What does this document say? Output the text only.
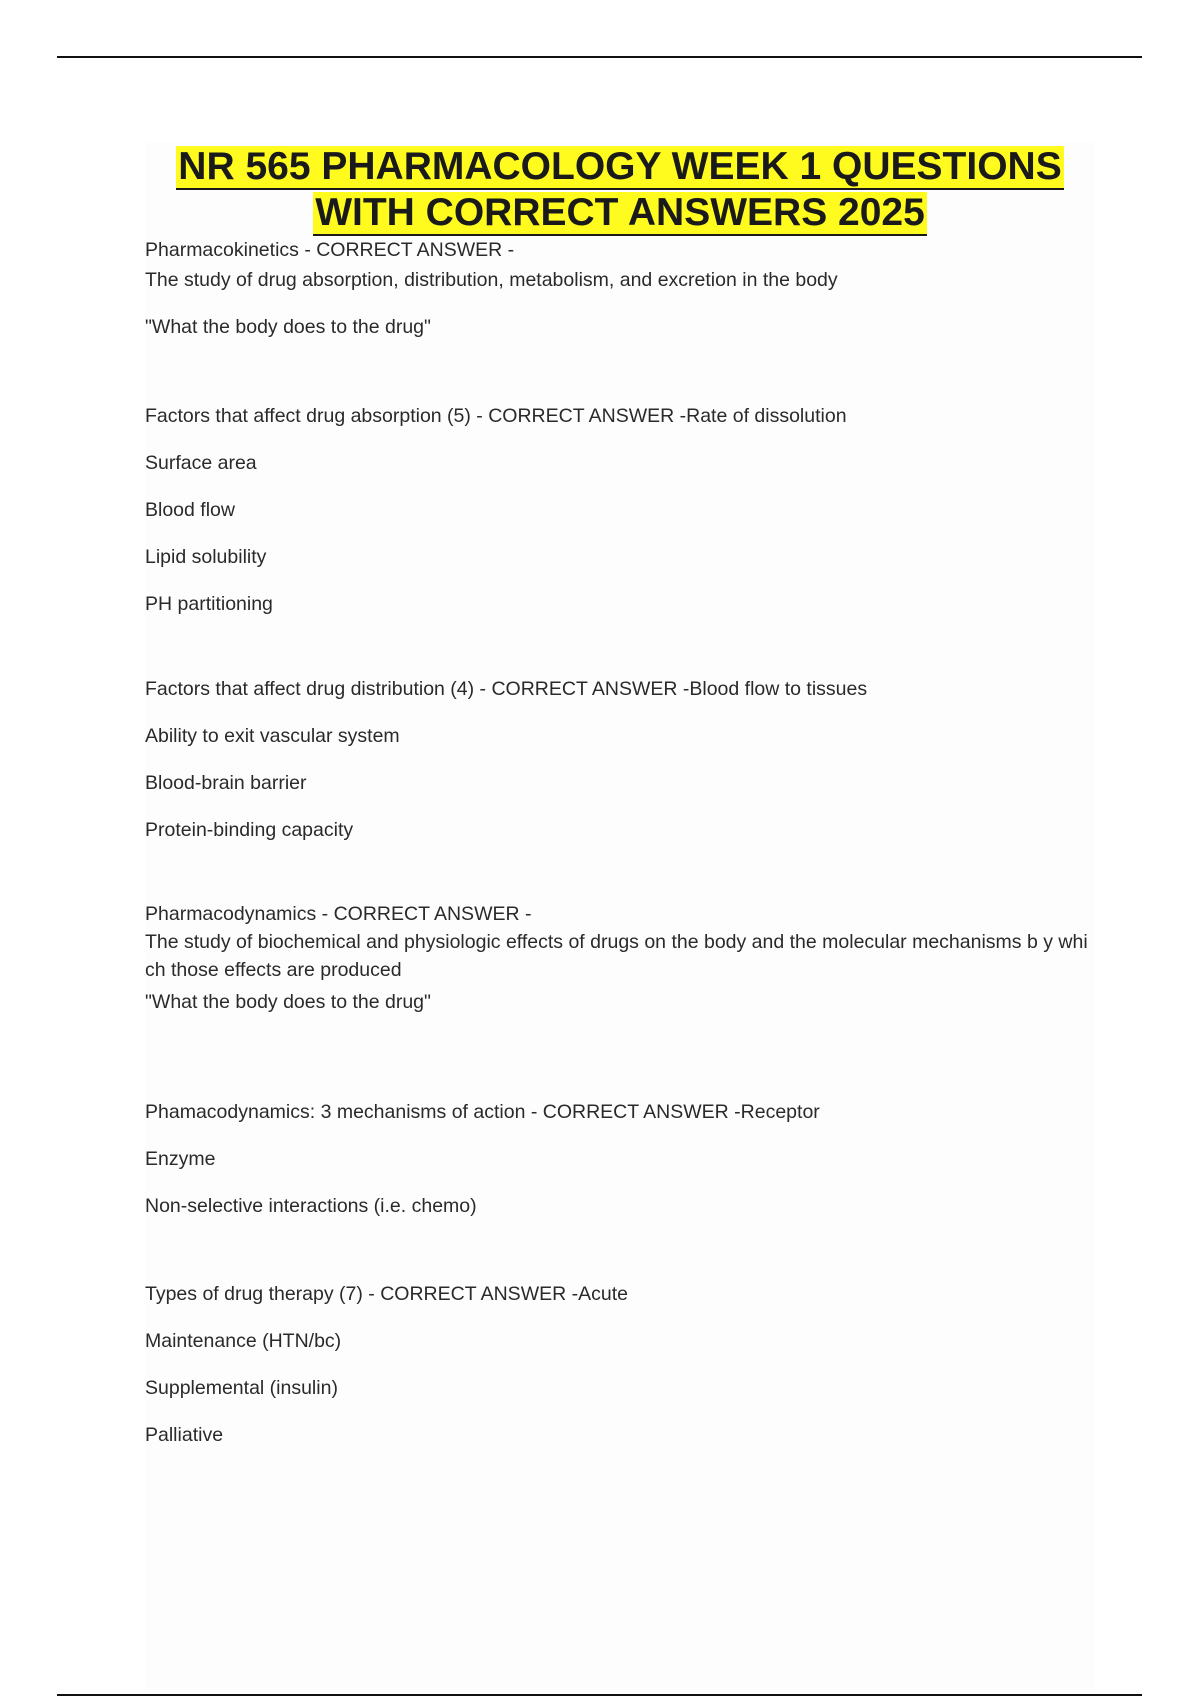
NR 565 PHARMACOLOGY WEEK 1 QUESTIONS
WITH CORRECT ANSWERS 2025
Pharmacokinetics - CORRECT ANSWER -
The study of drug absorption, distribution, metabolism, and excretion in the body
"What the body does to the drug"
Factors that affect drug absorption (5) - CORRECT ANSWER -Rate of dissolution
Surface area
Blood flow
Lipid solubility
PH partitioning
Factors that affect drug distribution (4) - CORRECT ANSWER -Blood flow to tissues
Ability to exit vascular system
Blood-brain barrier
Protein-binding capacity
Pharmacodynamics - CORRECT ANSWER -
The study of biochemical and physiologic effects of drugs on the body and the molecular mechanisms b y which those effects are produced
"What the body does to the drug"
Phamacodynamics: 3 mechanisms of action - CORRECT ANSWER -Receptor
Enzyme
Non-selective interactions (i.e. chemo)
Types of drug therapy (7) - CORRECT ANSWER -Acute
Maintenance (HTN/bc)
Supplemental (insulin)
Palliative
